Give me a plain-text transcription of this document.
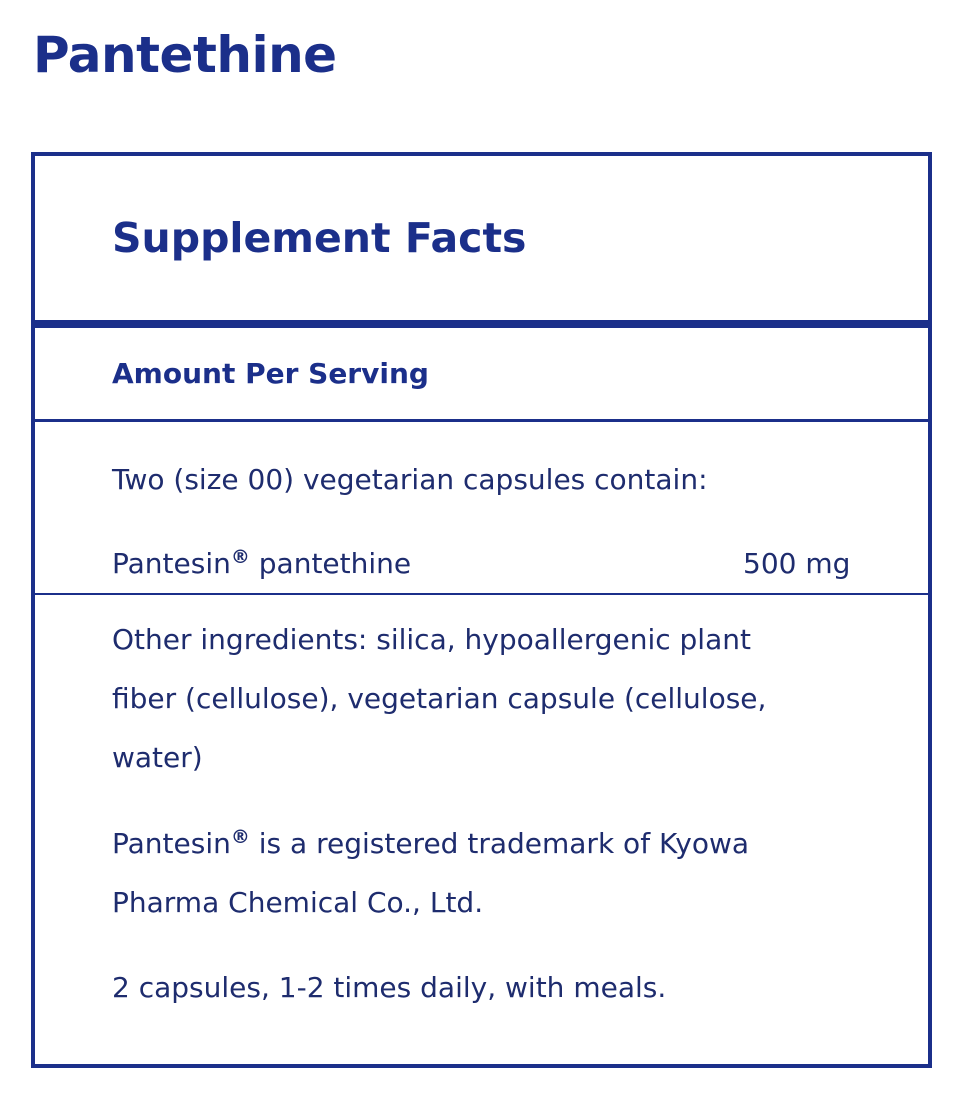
Pantethine
Supplement Facts
Amount Per Serving
Two (size 00) vegetarian capsules contain:
Pantesin® pantethine	500 mg
Other ingredients: silica, hypoallergenic plant
fiber (cellulose), vegetarian capsule (cellulose,
water)
Pantesin® is a registered trademark of Kyowa
Pharma Chemical Co., Ltd.
2 capsules, 1-2 times daily, with meals.
